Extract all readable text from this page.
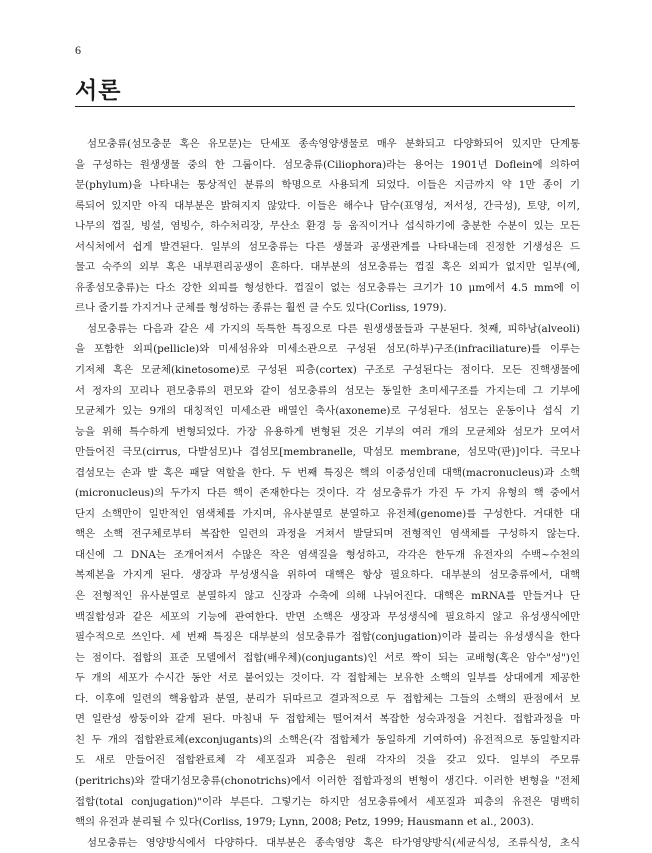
6
서론
섬모충류(섬모충문 혹은 유모문)는 단세포 종속영양생물로 매우 분화되고 다양화되어 있지만 단계통
을 구성하는 원생생물 중의 한 그룹이다. 섬모충류(Ciliophora)라는 용어는 1901년 Doflein에 의하여
문(phylum)을 나타내는 통상적인 분류의 학명으로 사용되게 되었다. 이들은 지금까지 약 1만 종이 기
록되어 있지만 아직 대부분은 밝혀지지 않았다. 이들은 해수나 담수(표영성, 저서성, 간극성), 토양, 이끼,
나무의 껍질, 빙설, 염빙수, 하수처리장, 무산소 환경 등 움직이거나 섭식하기에 충분한 수분이 있는 모든
서식처에서 쉽게 발견된다. 일부의 섬모충류는 다른 생물과 공생관계를 나타내는데 진정한 기생성은 드
물고 숙주의 외부 혹은 내부편리공생이 흔하다. 대부분의 섬모충류는 껍질 혹은 외피가 없지만 일부(예,
유종섬모충류)는 다소 강한 외피를 형성한다. 껍질이 없는 섬모충류는 크기가 10 μm에서 4.5 mm에 이
르나 줄기를 가지거나 군체를 형성하는 종류는 훨씬 클 수도 있다(Corliss, 1979).
섬모충류는 다음과 같은 세 가지의 독특한 특징으로 다른 원생생물들과 구분된다. 첫째, 피하낭(alveoli)
을 포함한 외피(pellicle)와 미세섬유와 미세소관으로 구성된 섬모(하부)구조(infraciliature)를 이루는
기저체 혹은 모균체(kinetosome)로 구성된 피층(cortex) 구조로 구성된다는 점이다. 모든 진핵생물에
서 정자의 꼬리나 편모충류의 편모와 같이 섬모충류의 섬모는 동일한 초미세구조를 가지는데 그 기부에
모균체가 있는 9개의 대칭적인 미세소관 배열인 축사(axoneme)로 구성된다. 섬모는 운동이나 섭식 기
능을 위해 특수하게 변형되었다. 가장 유용하게 변형된 것은 기부의 여러 개의 모균체와 섬모가 모여서
만들어진 극모(cirrus, 다발섬모)나 겹섬모[membranelle, 막섬모 membrane, 섬모막(판)]이다. 극모나
겹섬모는 손과 발 혹은 패달 역할을 한다. 두 번째 특징은 핵의 이중성인데 대핵(macronucleus)과 소핵
(micronucleus)의 두가지 다른 핵이 존재한다는 것이다. 각 섬모충류가 가진 두 가지 유형의 핵 중에서
단지 소핵만이 일반적인 염색체를 가지며, 유사분열로 분열하고 유전체(genome)를 구성한다. 거대한 대
핵은 소핵 전구체로부터 복잡한 일련의 과정을 거쳐서 발달되며 전형적인 염색체를 구성하지 않는다.
대신에 그 DNA는 조개어져서 수많은 작은 염색질을 형성하고, 각각은 한두개 유전자의 수백~수천의
복제본을 가지게 된다. 생장과 무성생식을 위하여 대핵은 항상 필요하다. 대부분의 섬모충류에서, 대핵
은 전형적인 유사분열로 분열하지 않고 신장과 수축에 의해 나뉘어진다. 대핵은 mRNA를 만들거나 단
백질합성과 같은 세포의 기능에 관여한다. 반면 소핵은 생장과 무성생식에 필요하지 않고 유성생식에만
필수적으로 쓰인다. 세 번째 특징은 대부분의 섬모충류가 접합(conjugation)이라 불리는 유성생식을 한다
는 점이다. 접합의 표준 모델에서 접합(배우체)(conjugants)인 서로 짝이 되는 교배형(혹은 암수"성")인
두 개의 세포가 수시간 동안 서로 붙어있는 것이다. 각 접합체는 보유한 소핵의 일부를 상대에게 제공한
다. 이후에 일련의 핵융합과 분열, 분리가 뒤따르고 결과적으로 두 접합체는 그들의 소핵의 판점에서 보
면 일란성 쌍둥이와 같게 된다. 마침내 두 접합체는 떨어져서 복잡한 성숙과정을 거친다. 접합과정을 마
친 두 개의 접합완료체(exconjugants)의 소핵은(각 접합체가 동일하게 기여하여) 유전적으로 동일할지라
도 새로 만들어진 접합완료체 각 세포질과 피층은 원래 각자의 것을 갖고 있다. 일부의 주모류
(peritrichs)와 깔대기섬모충류(chonotrichs)에서 이러한 접합과정의 변형이 생긴다. 이러한 변형을 "전체
접합(total conjugation)"이라 부른다. 그렇기는 하지만 섬모충류에서 세포질과 피층의 유전은 명백히
핵의 유전과 분리될 수 있다(Corliss, 1979; Lynn, 2008; Petz, 1999; Hausmann et al., 2003).
섬모충류는 영양방식에서 다양하다. 대부분은 종속영양 혹은 타가영양방식(세균식성, 조류식성, 초식
